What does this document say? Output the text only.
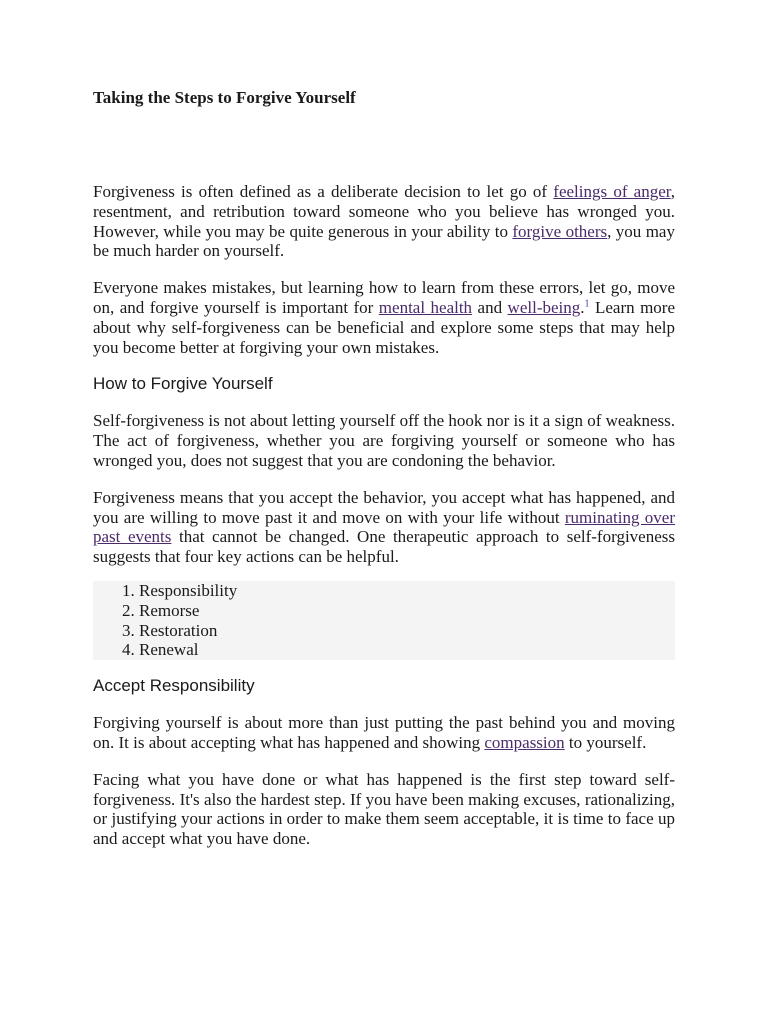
Taking the Steps to Forgive Yourself

Forgiveness is often defined as a deliberate decision to let go of feelings of anger, resentment, and retribution toward someone who you believe has wronged you. However, while you may be quite generous in your ability to forgive others, you may be much harder on yourself.

Everyone makes mistakes, but learning how to learn from these errors, let go, move on, and forgive yourself is important for mental health and well-being.$^1$ Learn more about why self-forgiveness can be beneficial and explore some steps that may help you become better at forgiving your own mistakes.

How to Forgive Yourself

Self-forgiveness is not about letting yourself off the hook nor is it a sign of weakness. The act of forgiveness, whether you are forgiving yourself or someone who has wronged you, does not suggest that you are condoning the behavior.

Forgiveness means that you accept the behavior, you accept what has happened, and you are willing to move past it and move on with your life without ruminating over past events that cannot be changed. One therapeutic approach to self-forgiveness suggests that four key actions can be helpful.

1. Responsibility
2. Remorse
3. Restoration
4. Renewal
Accept Responsibility

Forgiving yourself is about more than just putting the past behind you and moving on. It is about accepting what has happened and showing compassion to yourself.

Facing what you have done or what has happened is the first step toward self-forgiveness. It's also the hardest step. If you have been making excuses, rationalizing, or justifying your actions in order to make them seem acceptable, it is time to face up and accept what you have done.
